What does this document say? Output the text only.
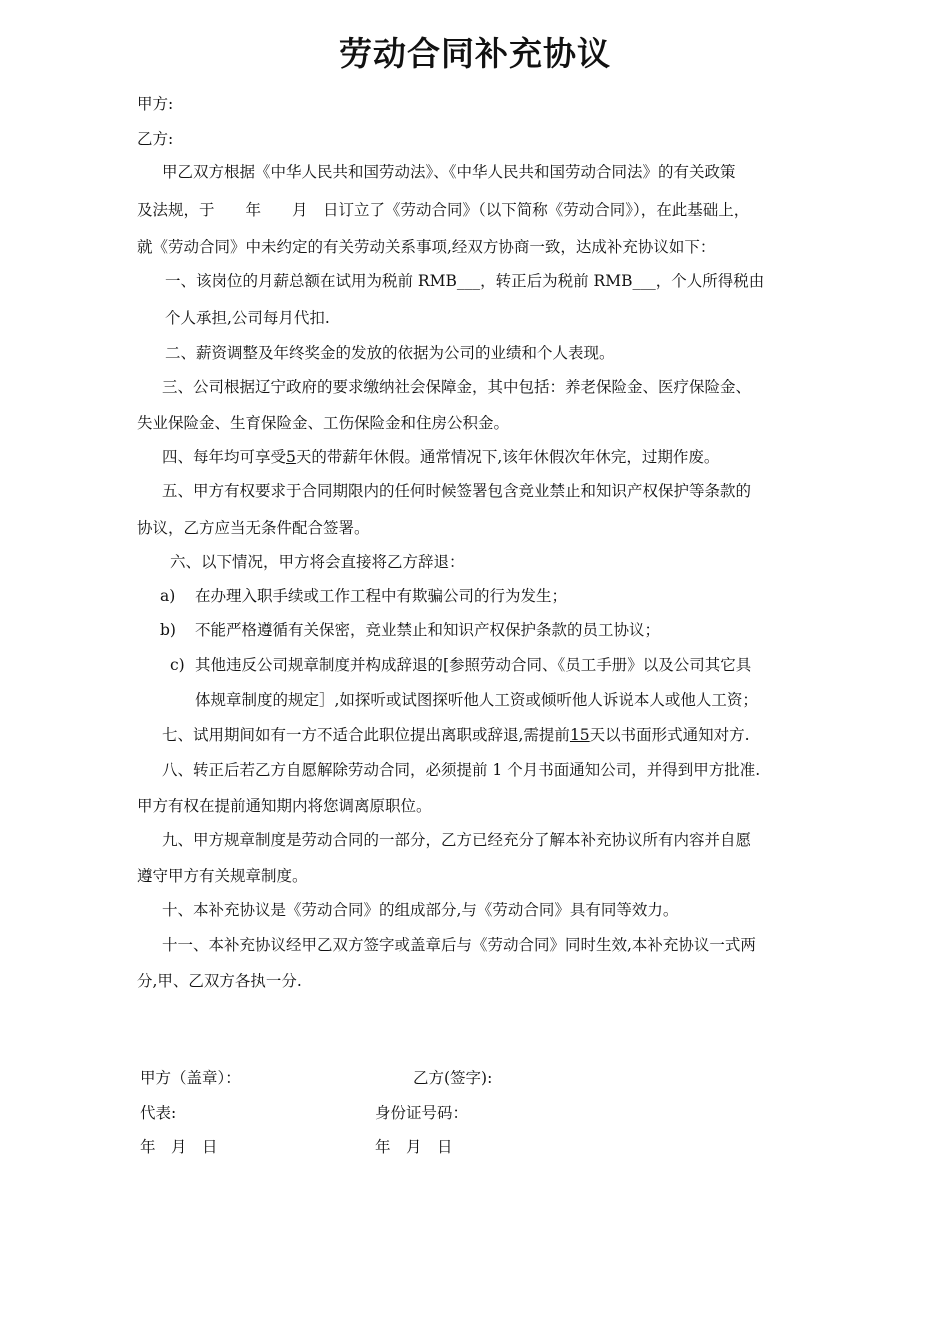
劳动合同补充协议
甲方:
乙方:
甲乙双方根据《中华人民共和国劳动法》、《中华人民共和国劳动合同法》的有关政策
及法规，于　　年　　月　日订立了《劳动合同》（以下简称《劳动合同》），在此基础上，
就《劳动合同》中未约定的有关劳动关系事项,经双方协商一致，达成补充协议如下：
一、该岗位的月薪总额在试用为税前 RMB___，转正后为税前 RMB___，个人所得税由
个人承担,公司每月代扣.
二、薪资调整及年终奖金的发放的依据为公司的业绩和个人表现。
三、公司根据辽宁政府的要求缴纳社会保障金，其中包括：养老保险金、医疗保险金、
失业保险金、生育保险金、工伤保险金和住房公积金。
四、每年均可享受5天的带薪年休假。通常情况下,该年休假次年休完，过期作废。
五、甲方有权要求于合同期限内的任何时候签署包含竞业禁止和知识产权保护等条款的
协议，乙方应当无条件配合签署。
六、以下情况，甲方将会直接将乙方辞退：
a) 在办理入职手续或工作工程中有欺骗公司的行为发生；
b) 不能严格遵循有关保密，竞业禁止和知识产权保护条款的员工协议；
c) 其他违反公司规章制度并构成辞退的[参照劳动合同、《员工手册》以及公司其它具
体规章制度的规定］,如探听或试图探听他人工资或倾听他人诉说本人或他人工资；
七、试用期间如有一方不适合此职位提出离职或辞退,需提前15天以书面形式通知对方.
八、转正后若乙方自愿解除劳动合同，必须提前 1 个月书面通知公司，并得到甲方批准.
甲方有权在提前通知期内将您调离原职位。
九、甲方规章制度是劳动合同的一部分，乙方已经充分了解本补充协议所有内容并自愿
遵守甲方有关规章制度。
十、本补充协议是《劳动合同》的组成部分,与《劳动合同》具有同等效力。
十一、本补充协议经甲乙双方签字或盖章后与《劳动合同》同时生效,本补充协议一式两
分,甲、乙双方各执一分.
甲方（盖章）：	乙方(签字):
代表:	身份证号码：
年　月　日	年　月　日
